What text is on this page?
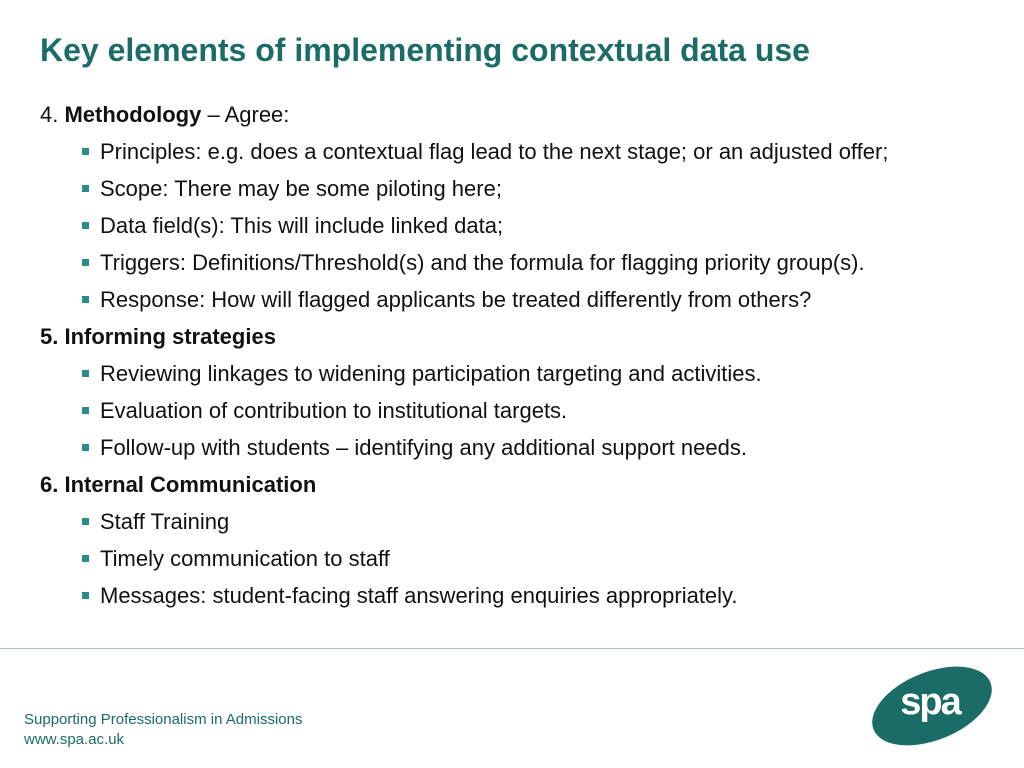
Key elements of implementing contextual data use
4. Methodology – Agree:
Principles: e.g. does a contextual flag lead to the next stage; or an adjusted offer;
Scope: There may be some piloting here;
Data field(s): This will include linked data;
Triggers: Definitions/Threshold(s) and the formula for flagging priority group(s).
Response: How will flagged applicants be treated differently from others?
5. Informing strategies
Reviewing linkages to widening participation targeting and activities.
Evaluation of contribution to institutional targets.
Follow-up with students – identifying any additional support needs.
6. Internal Communication
Staff Training
Timely communication to staff
Messages: student-facing staff answering enquiries appropriately.
Supporting Professionalism in Admissions
www.spa.ac.uk
spa
